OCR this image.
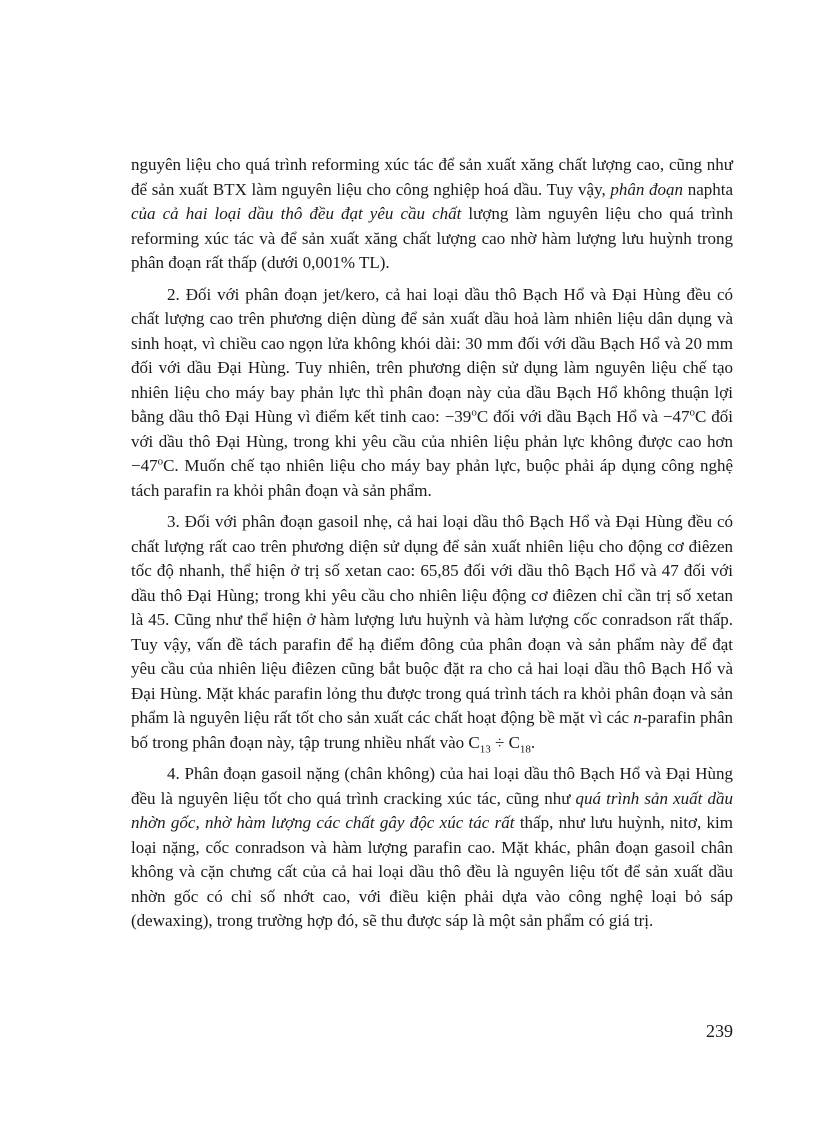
nguyên liệu cho quá trình reforming xúc tác để sản xuất xăng chất lượng cao, cũng như để sản xuất BTX làm nguyên liệu cho công nghiệp hoá dầu. Tuy vậy, phân đoạn naphta của cả hai loại dầu thô đều đạt yêu cầu chất lượng làm nguyên liệu cho quá trình reforming xúc tác và để sản xuất xăng chất lượng cao nhờ hàm lượng lưu huỳnh trong phân đoạn rất thấp (dưới 0,001% TL).

2. Đối với phân đoạn jet/kero, cả hai loại dầu thô Bạch Hổ và Đại Hùng đều có chất lượng cao trên phương diện dùng để sản xuất dầu hoả làm nhiên liệu dân dụng và sinh hoạt, vì chiều cao ngọn lửa không khói dài: 30 mm đối với dầu Bạch Hổ và 20 mm đối với dầu Đại Hùng. Tuy nhiên, trên phương diện sử dụng làm nguyên liệu chế tạo nhiên liệu cho máy bay phản lực thì phân đoạn này của dầu Bạch Hổ không thuận lợi bằng dầu thô Đại Hùng vì điểm kết tinh cao: $-39^oC$ đối với dầu Bạch Hổ và $-47^oC$ đối với dầu thô Đại Hùng, trong khi yêu cầu của nhiên liệu phản lực không được cao hơn $-47^oC$. Muốn chế tạo nhiên liệu cho máy bay phản lực, buộc phải áp dụng công nghệ tách parafin ra khỏi phân đoạn và sản phẩm.

3. Đối với phân đoạn gasoil nhẹ, cả hai loại dầu thô Bạch Hổ và Đại Hùng đều có chất lượng rất cao trên phương diện sử dụng để sản xuất nhiên liệu cho động cơ điêzen tốc độ nhanh, thể hiện ở trị số xetan cao: 65,85 đối với dầu thô Bạch Hổ và 47 đối với dầu thô Đại Hùng; trong khi yêu cầu cho nhiên liệu động cơ điêzen chỉ cần trị số xetan là 45. Cũng như thể hiện ở hàm lượng lưu huỳnh và hàm lượng cốc conradson rất thấp. Tuy vậy, vấn đề tách parafin để hạ điểm đông của phân đoạn và sản phẩm này để đạt yêu cầu của nhiên liệu điêzen cũng bắt buộc đặt ra cho cả hai loại dầu thô Bạch Hổ và Đại Hùng. Mặt khác parafin lỏng thu được trong quá trình tách ra khỏi phân đoạn và sản phẩm là nguyên liệu rất tốt cho sản xuất các chất hoạt động bề mặt vì các n-parafin phân bố trong phân đoạn này, tập trung nhiều nhất vào $C_{13} \div C_{18}$.

4. Phân đoạn gasoil nặng (chân không) của hai loại dầu thô Bạch Hổ và Đại Hùng đều là nguyên liệu tốt cho quá trình cracking xúc tác, cũng như quá trình sản xuất dầu nhờn gốc, nhờ hàm lượng các chất gây độc xúc tác rất thấp, như lưu huỳnh, nitơ, kim loại nặng, cốc conradson và hàm lượng parafin cao. Mặt khác, phân đoạn gasoil chân không và cặn chưng cất của cả hai loại dầu thô đều là nguyên liệu tốt để sản xuất dầu nhờn gốc có chỉ số nhớt cao, với điều kiện phải dựa vào công nghệ loại bỏ sáp (dewaxing), trong trường hợp đó, sẽ thu được sáp là một sản phẩm có giá trị.

239
